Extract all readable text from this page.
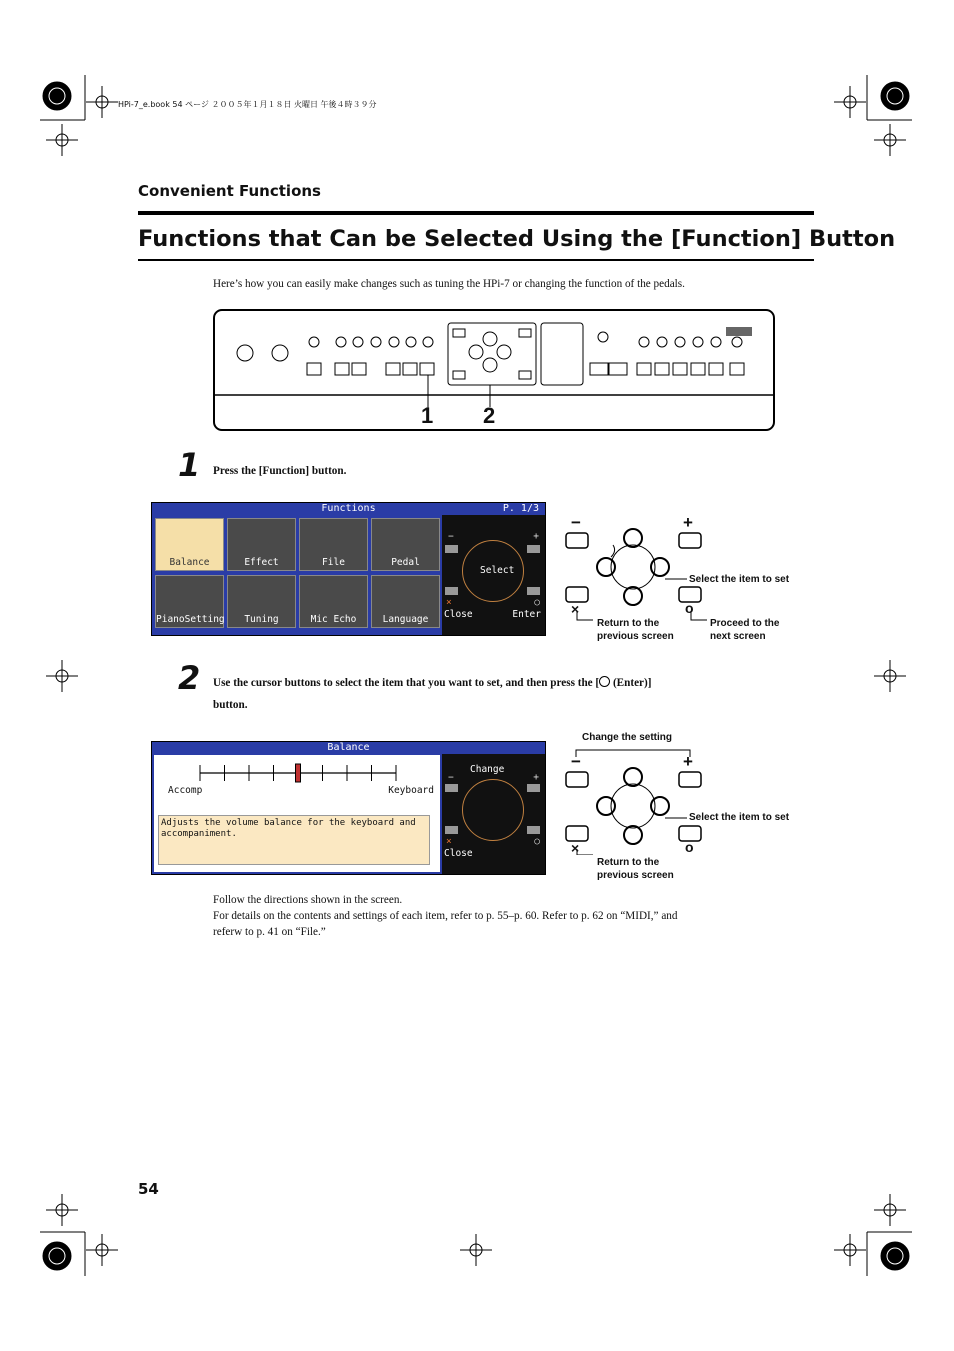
HPi-7_e.book 54 ページ ２００５年１月１８日 火曜日 午後４時３９分
Convenient Functions
Functions that Can be Selected Using the [Function] Button
Here’s how you can easily make changes such as tuning the HPi-7 or changing the function of the pedals.
1 2
1 Press the [Function] button.
Functions	P. 1/3
Balance	Effect	File	Pedal
PianoSetting	Tuning	Mic Echo	Language
−	+
Select
×	○
Close	Enter
−	+
×	o
Select the item to set
Return to the
previous screen
Proceed to the
next screen
2 Use the cursor buttons to select the item that you want to set, and then press the [ (Enter)]
button.
Balance
Accomp	Keyboard
Adjusts the volume balance for the keyboard and accompaniment.
Change
−	+
×	○
Close
Change the setting
−	+
×	o
Select the item to set
Return to the
previous screen
Follow the directions shown in the screen.
For details on the contents and settings of each item, refer to p. 55–p. 60. Refer to p. 62 on “MIDI,” and
referw to p. 41 on “File.”
54
